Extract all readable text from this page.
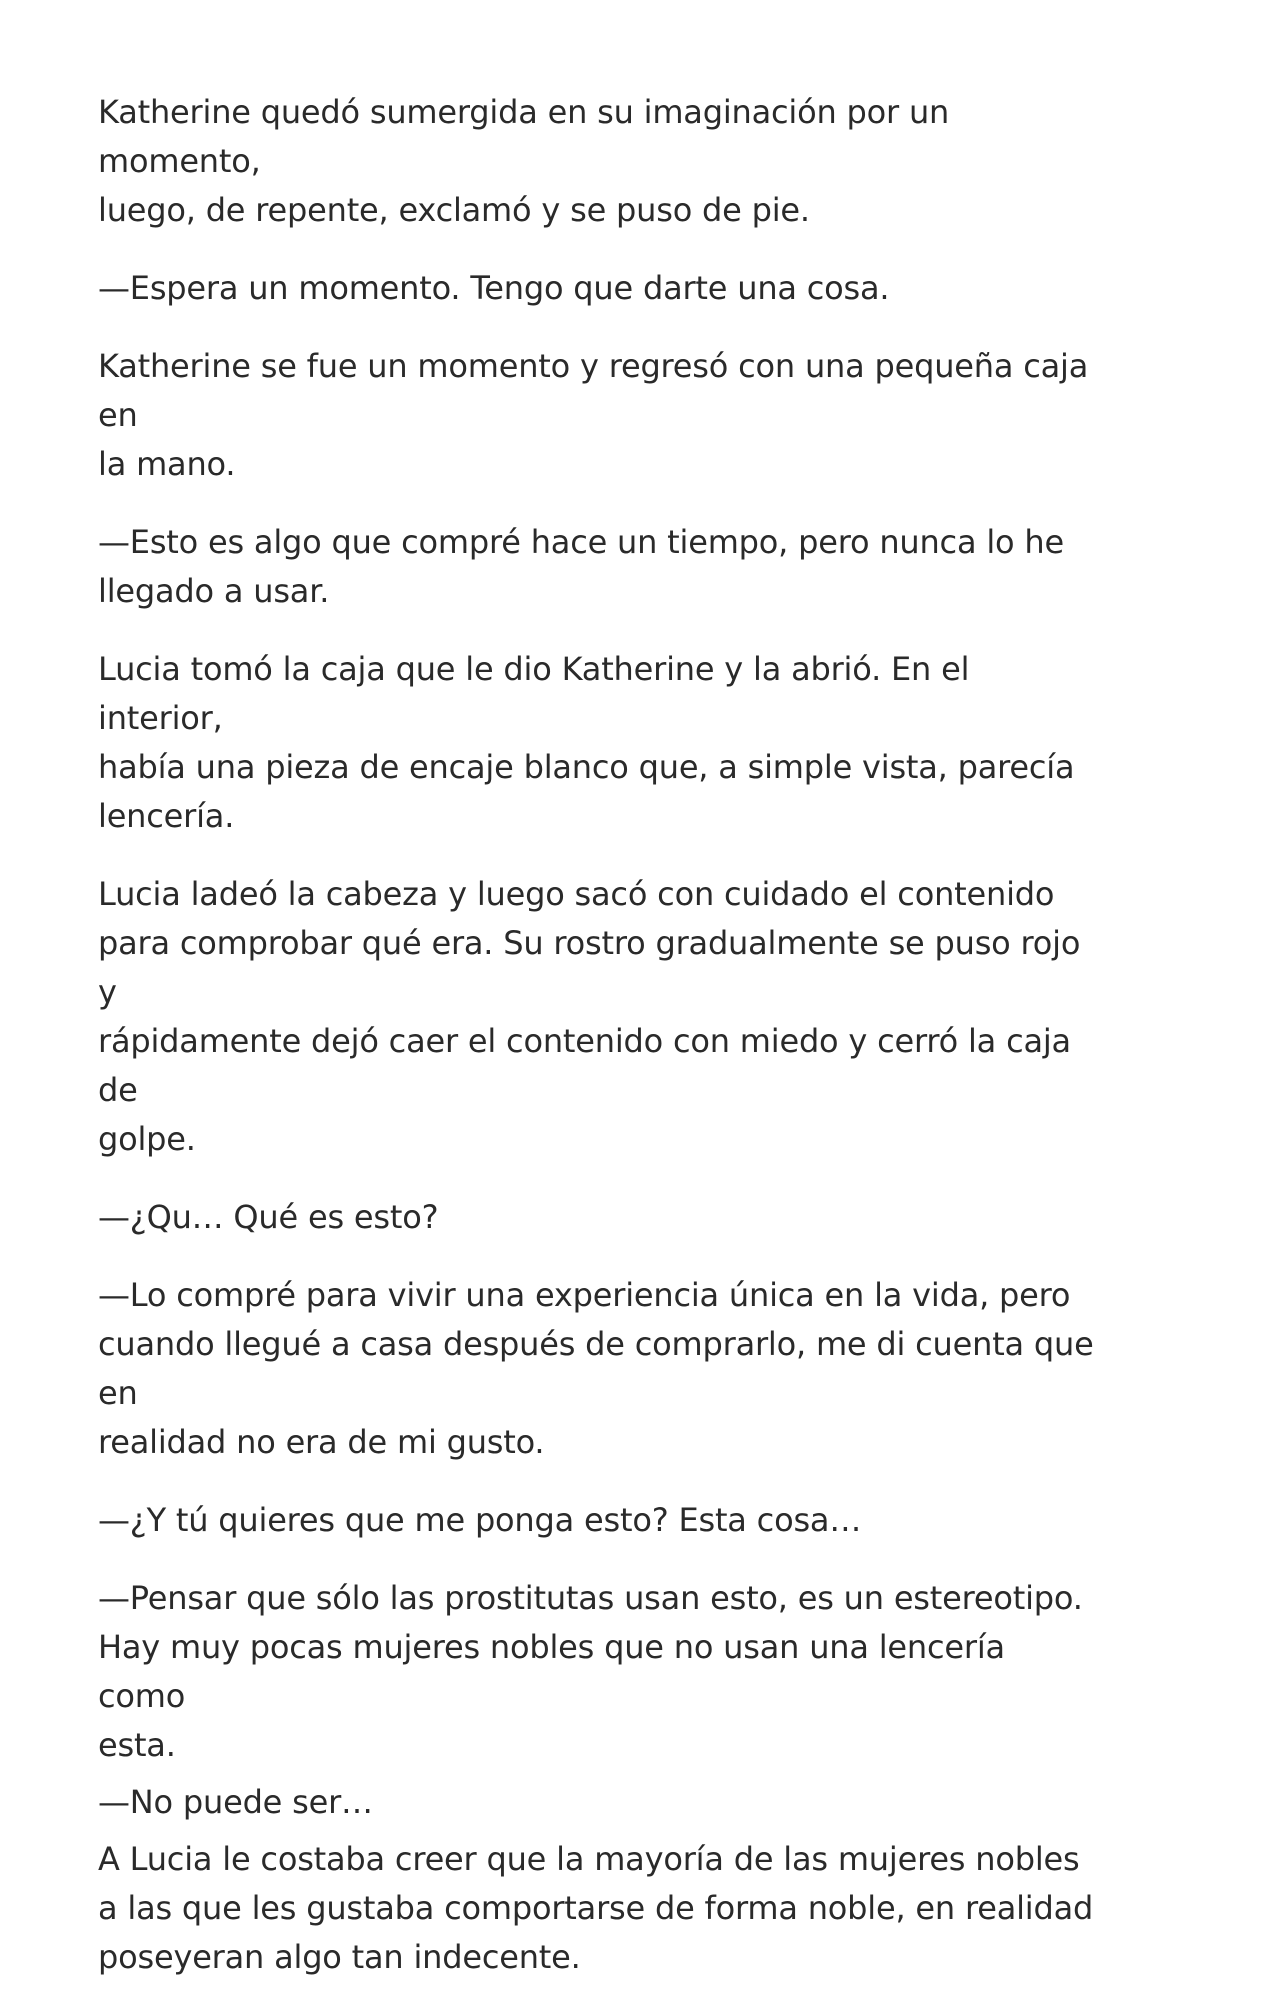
Katherine quedó sumergida en su imaginación por un momento,
luego, de repente, exclamó y se puso de pie.

—Espera un momento. Tengo que darte una cosa.

Katherine se fue un momento y regresó con una pequeña caja en
la mano.

—Esto es algo que compré hace un tiempo, pero nunca lo he
llegado a usar.

Lucia tomó la caja que le dio Katherine y la abrió. En el interior,
había una pieza de encaje blanco que, a simple vista, parecía
lencería.

Lucia ladeó la cabeza y luego sacó con cuidado el contenido
para comprobar qué era. Su rostro gradualmente se puso rojo y
rápidamente dejó caer el contenido con miedo y cerró la caja de
golpe.

—¿Qu… Qué es esto?

—Lo compré para vivir una experiencia única en la vida, pero
cuando llegué a casa después de comprarlo, me di cuenta que en
realidad no era de mi gusto.

—¿Y tú quieres que me ponga esto? Esta cosa…

—Pensar que sólo las prostitutas usan esto, es un estereotipo.
Hay muy pocas mujeres nobles que no usan una lencería como
esta.

—No puede ser…

A Lucia le costaba creer que la mayoría de las mujeres nobles
a las que les gustaba comportarse de forma noble, en realidad
poseyeran algo tan indecente.
